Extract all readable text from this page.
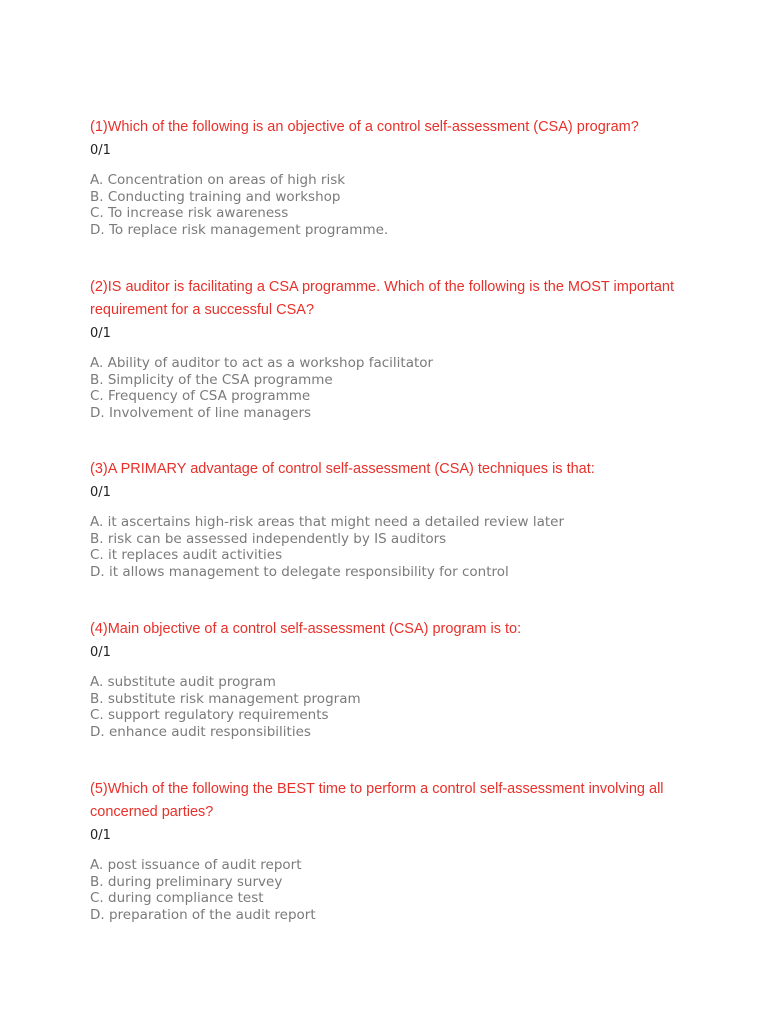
(1)Which of the following is an objective of a control self-assessment (CSA) program?

0/1
A. Concentration on areas of high risk
B. Conducting training and workshop
C. To increase risk awareness
D. To replace risk management programme.

(2)IS auditor is facilitating a CSA programme. Which of the following is the MOST important requirement for a successful CSA?

0/1
A. Ability of auditor to act as a workshop facilitator
B. Simplicity of the CSA programme
C. Frequency of CSA programme
D. Involvement of line managers

(3)A PRIMARY advantage of control self-assessment (CSA) techniques is that:

0/1
A. it ascertains high-risk areas that might need a detailed review later
B. risk can be assessed independently by IS auditors
C. it replaces audit activities
D. it allows management to delegate responsibility for control

(4)Main objective of a control self-assessment (CSA) program is to:

0/1
A. substitute audit program
B. substitute risk management program
C. support regulatory requirements
D. enhance audit responsibilities

(5)Which of the following the BEST time to perform a control self-assessment involving all concerned parties?

0/1
A. post issuance of audit report
B. during preliminary survey
C. during compliance test
D. preparation of the audit report
